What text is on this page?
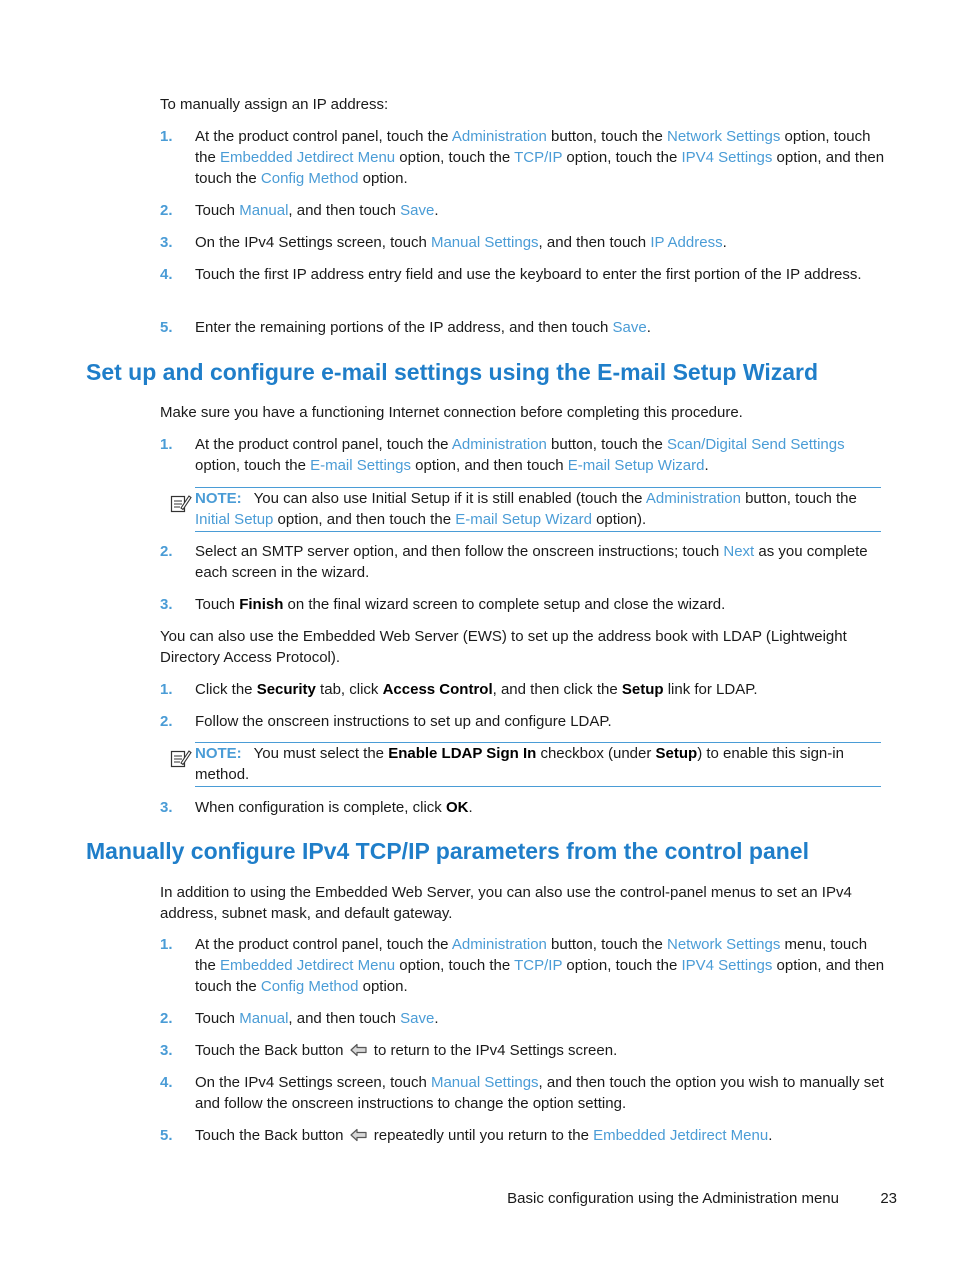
To manually assign an IP address:

1.	At the product control panel, touch the Administration button, touch the Network Settings option, touch the Embedded Jetdirect Menu option, touch the TCP/IP option, touch the IPV4 Settings option, and then touch the Config Method option.
2.	Touch Manual, and then touch Save.
3.	On the IPv4 Settings screen, touch Manual Settings, and then touch IP Address.
4.	Touch the first IP address entry field and use the keyboard to enter the first portion of the IP address.
5.	Enter the remaining portions of the IP address, and then touch Save.
Set up and configure e-mail settings using the E-mail Setup Wizard

Make sure you have a functioning Internet connection before completing this procedure.

1.	At the product control panel, touch the Administration button, touch the Scan/Digital Send Settings option, touch the E-mail Settings option, and then touch E-mail Setup Wizard.
NOTE: You can also use Initial Setup if it is still enabled (touch the Administration button, touch the Initial Setup option, and then touch the E-mail Setup Wizard option).
2.	Select an SMTP server option, and then follow the onscreen instructions; touch Next as you complete each screen in the wizard.
3.	Touch Finish on the final wizard screen to complete setup and close the wizard.

You can also use the Embedded Web Server (EWS) to set up the address book with LDAP (Lightweight Directory Access Protocol).

1.	Click the Security tab, click Access Control, and then click the Setup link for LDAP.
2.	Follow the onscreen instructions to set up and configure LDAP.
NOTE: You must select the Enable LDAP Sign In checkbox (under Setup) to enable this sign-in method.
3.	When configuration is complete, click OK.
Manually configure IPv4 TCP/IP parameters from the control panel

In addition to using the Embedded Web Server, you can also use the control-panel menus to set an IPv4 address, subnet mask, and default gateway.

1.	At the product control panel, touch the Administration button, touch the Network Settings menu, touch the Embedded Jetdirect Menu option, touch the TCP/IP option, touch the IPV4 Settings option, and then touch the Config Method option.
2.	Touch Manual, and then touch Save.
3.	Touch the Back button  to return to the IPv4 Settings screen.
4.	On the IPv4 Settings screen, touch Manual Settings, and then touch the option you wish to manually set and follow the onscreen instructions to change the option setting.
5.	Touch the Back button  repeatedly until you return to the Embedded Jetdirect Menu.
Basic configuration using the Administration menu	23
